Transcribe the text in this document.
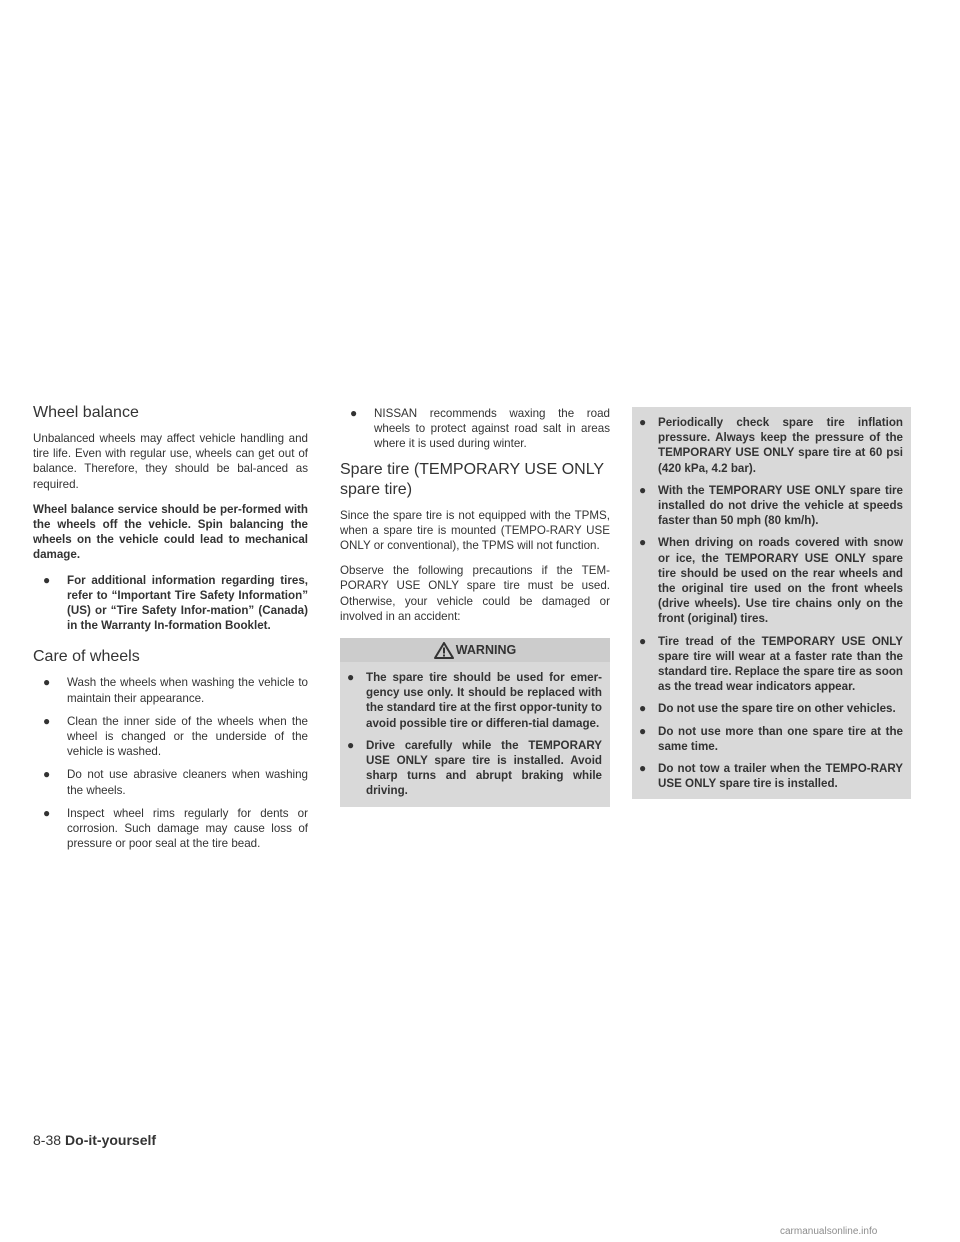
Wheel balance

Unbalanced wheels may affect vehicle handling and tire life. Even with regular use, wheels can get out of balance. Therefore, they should be bal-anced as required.

Wheel balance service should be per-formed with the wheels off the vehicle. Spin balancing the wheels on the vehicle could lead to mechanical damage.

● For additional information regarding tires, refer to “Important Tire Safety Information” (US) or “Tire Safety Infor-mation” (Canada) in the Warranty In-formation Booklet.
Care of wheels
● Wash the wheels when washing the vehicle to maintain their appearance.
● Clean the inner side of the wheels when the wheel is changed or the underside of the vehicle is washed.
● Do not use abrasive cleaners when washing the wheels.
● Inspect wheel rims regularly for dents or corrosion. Such damage may cause loss of pressure or poor seal at the tire bead.
● NISSAN recommends waxing the road wheels to protect against road salt in areas where it is used during winter.
Spare tire (TEMPORARY USE ONLY spare tire)

Since the spare tire is not equipped with the TPMS, when a spare tire is mounted (TEMPO-RARY USE ONLY or conventional), the TPMS will not function.

Observe the following precautions if the TEM-PORARY USE ONLY spare tire must be used. Otherwise, your vehicle could be damaged or involved in an accident:

WARNING
● The spare tire should be used for emer-gency use only. It should be replaced with the standard tire at the first oppor-tunity to avoid possible tire or differen-tial damage.
● Drive carefully while the TEMPORARY USE ONLY spare tire is installed. Avoid sharp turns and abrupt braking while driving.
● Periodically check spare tire inflation pressure. Always keep the pressure of the TEMPORARY USE ONLY spare tire at 60 psi (420 kPa, 4.2 bar).
● With the TEMPORARY USE ONLY spare tire installed do not drive the vehicle at speeds faster than 50 mph (80 km/h).
● When driving on roads covered with snow or ice, the TEMPORARY USE ONLY spare tire should be used on the rear wheels and the original tire used on the front wheels (drive wheels). Use tire chains only on the front (original) tires.
● Tire tread of the TEMPORARY USE ONLY spare tire will wear at a faster rate than the standard tire. Replace the spare tire as soon as the tread wear indicators appear.
● Do not use the spare tire on other vehicles.
● Do not use more than one spare tire at the same time.
● Do not tow a trailer when the TEMPO-RARY USE ONLY spare tire is installed.
8-38 Do-it-yourself
carmanualsonline.info
